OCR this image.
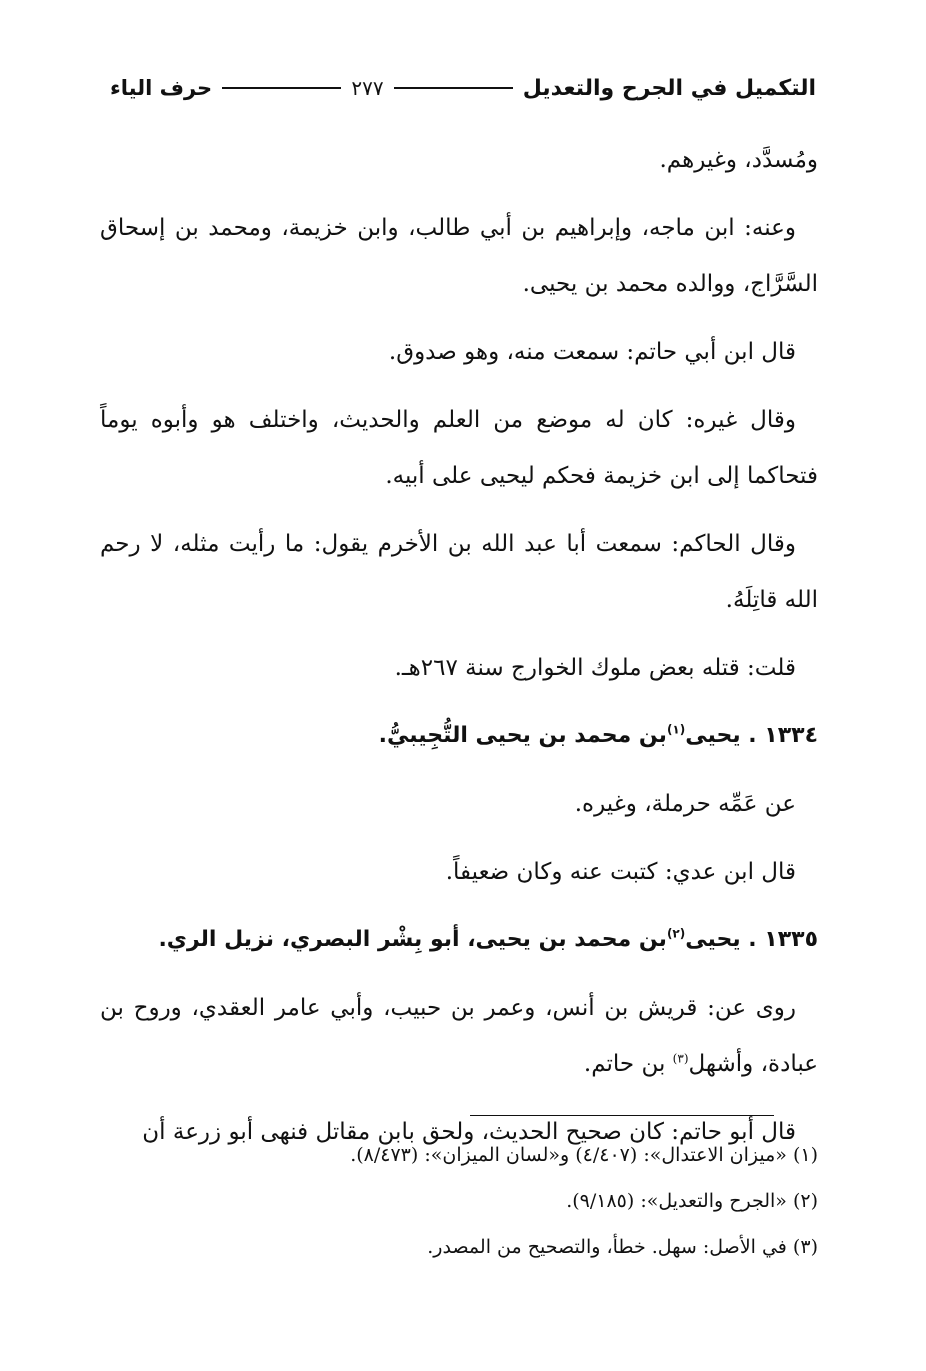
التكميل في الجرح والتعديل
٢٧٧
حرف الياء

ومُسدَّد، وغيرهم.

وعنه: ابن ماجه، وإبراهيم بن أبي طالب، وابن خزيمة، ومحمد بن إسحاق السَّرَّاج، ووالده محمد بن يحيى.

قال ابن أبي حاتم: سمعت منه، وهو صدوق.

وقال غيره: كان له موضع من العلم والحديث، واختلف هو وأبوه يوماً فتحاكما إلى ابن خزيمة فحكم ليحيى على أبيه.

وقال الحاكم: سمعت أبا عبد الله بن الأخرم يقول: ما رأيت مثله، لا رحم الله قاتِلَهُ.

قلت: قتله بعض ملوك الخوارج سنة ٢٦٧هـ.

١٣٣٤ . يحيى$^{(١)}$بن محمد بن يحيى التُّجِيبيُّ.

عن عَمِّه حرملة، وغيره.

قال ابن عدي: كتبت عنه وكان ضعيفاً.

١٣٣٥ . يحيى$^{(٢)}$بن محمد بن يحيى، أبو بِشْر البصري، نزيل الري.

روى عن: قريش بن أنس، وعمر بن حبيب، وأبي عامر العقدي، وروح بن عبادة، وأشهل$^{(٣)}$ بن حاتم.

قال أبو حاتم: كان صحيح الحديث، ولحق بابن مقاتل فنهى أبو زرعة أن

(١) «ميزان الاعتدال»: (٤/٤٠٧) و«لسان الميزان»: (٨/٤٧٣).
(٢) «الجرح والتعديل»: (٩/١٨٥).
(٣) في الأصل: سهل. خطأ، والتصحيح من المصدر.
